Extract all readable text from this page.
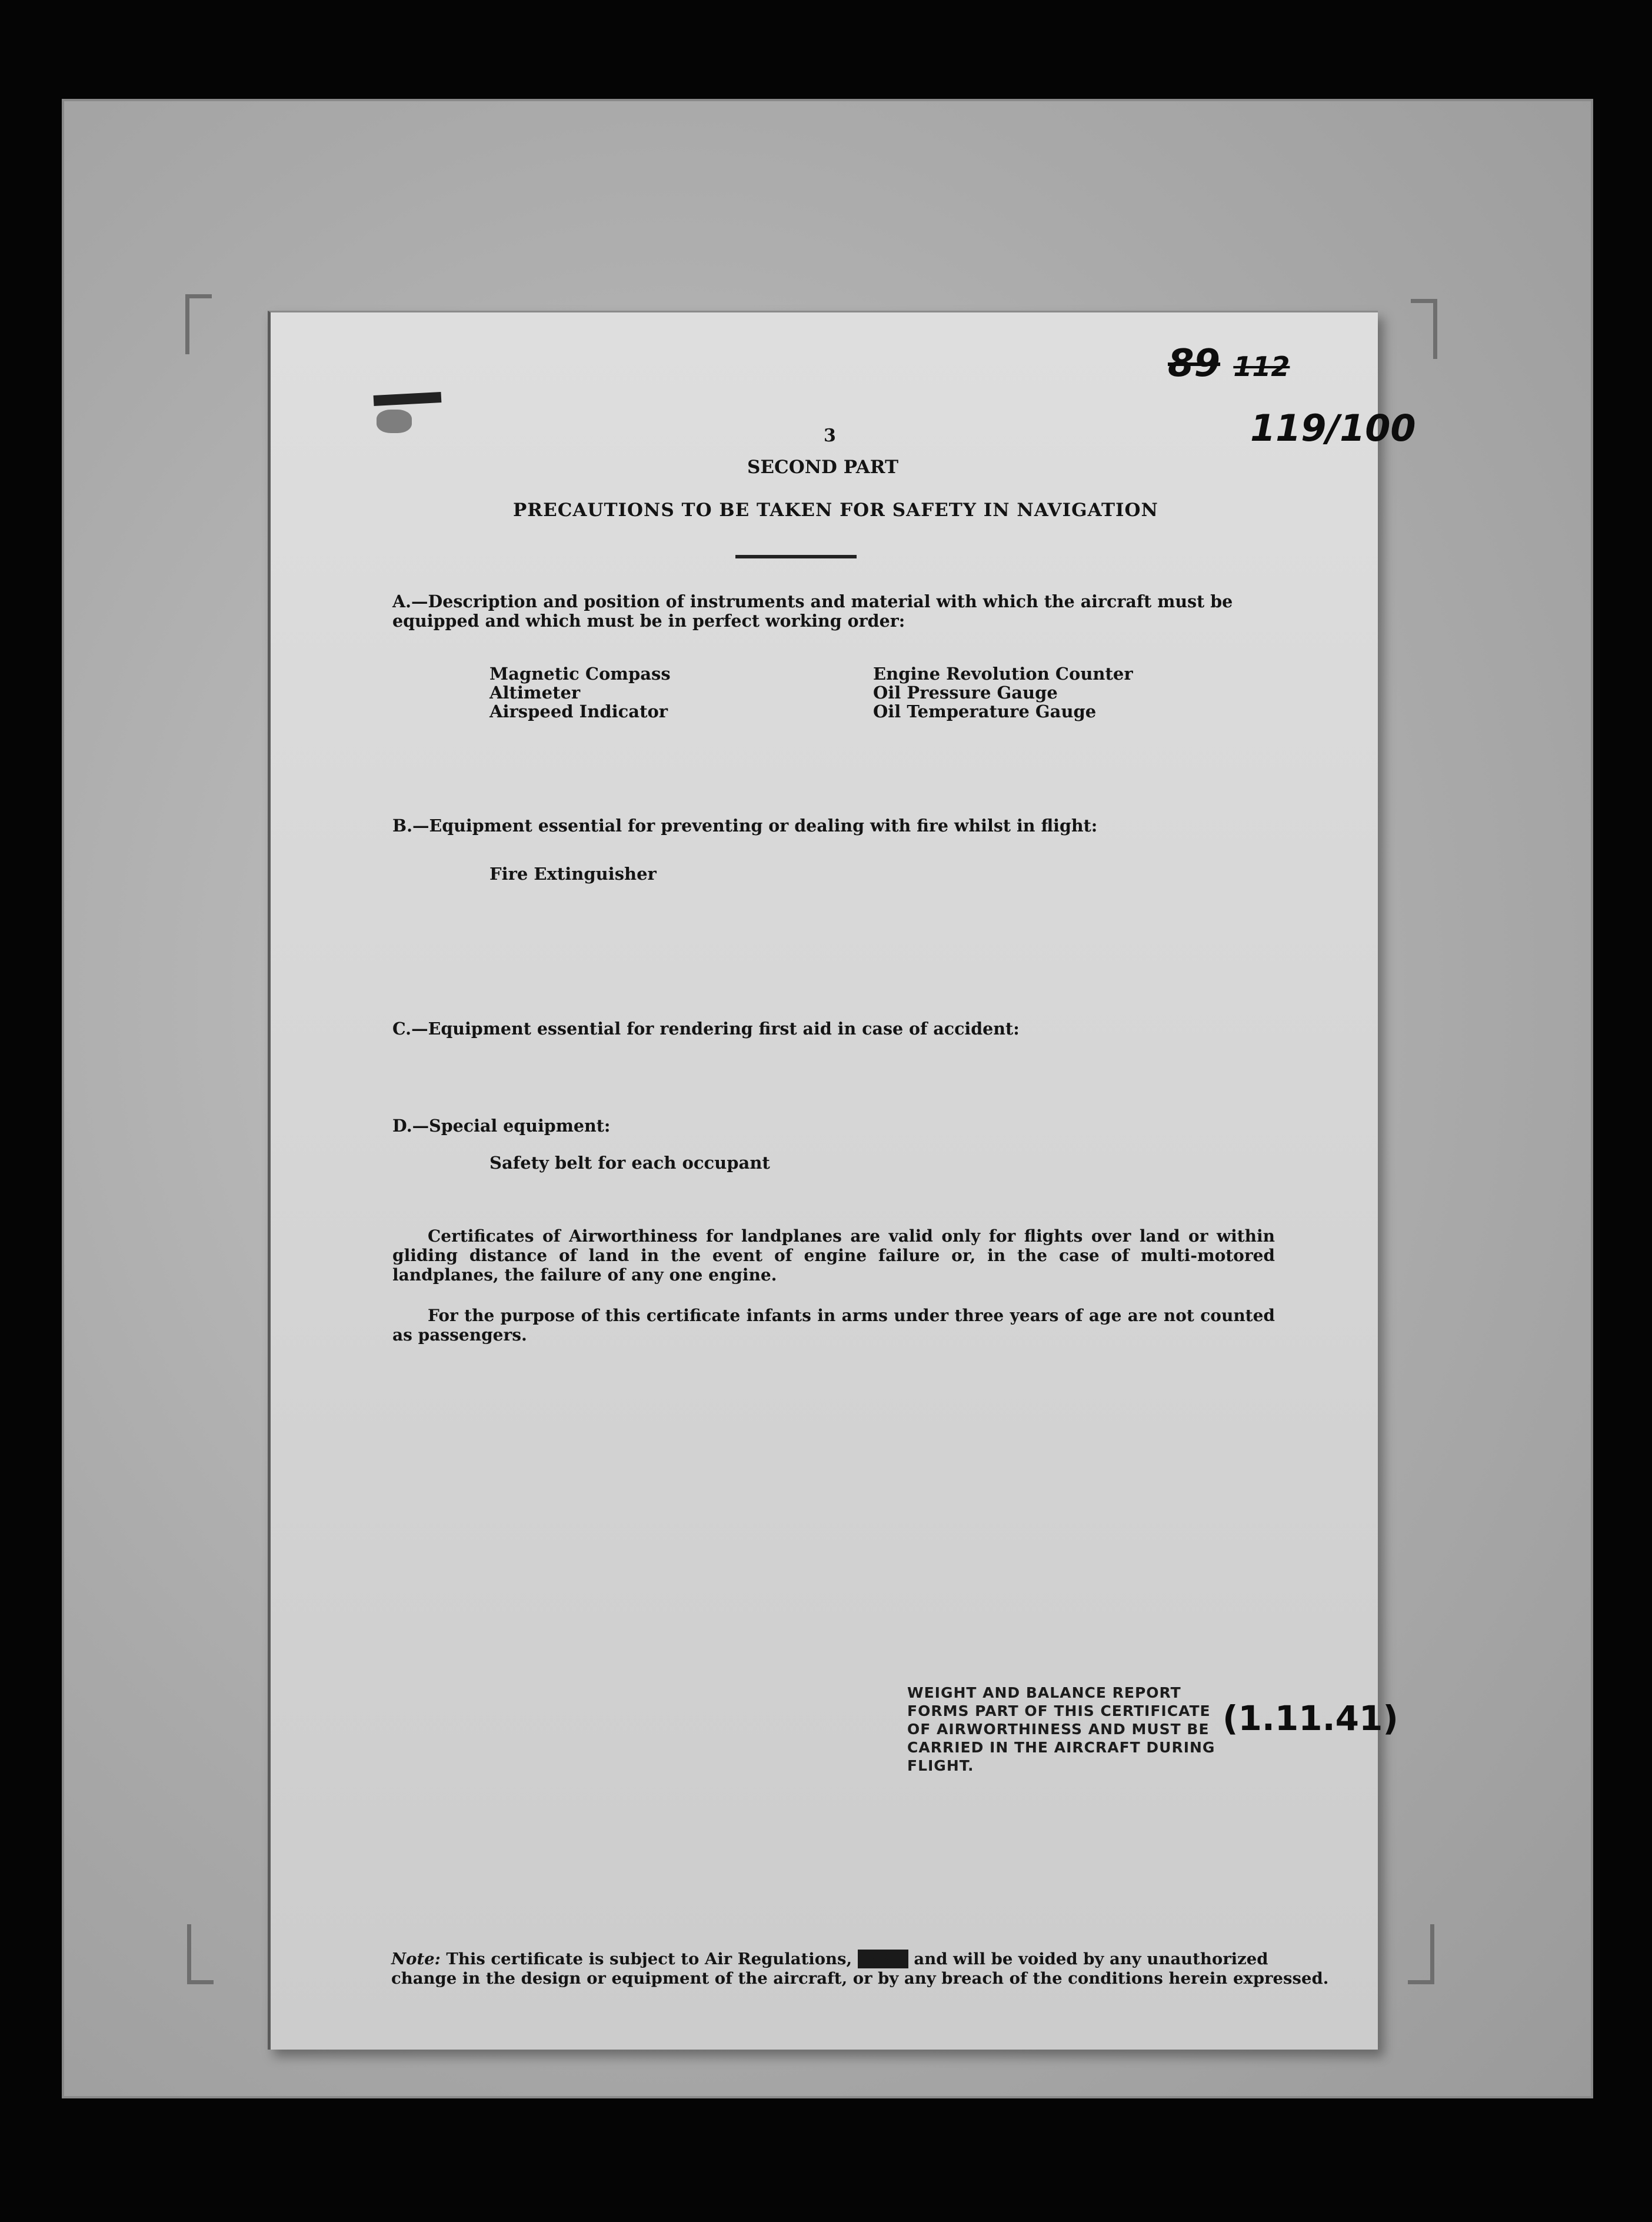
89 112
119/100

3

SECOND PART

PRECAUTIONS TO BE TAKEN FOR SAFETY IN NAVIGATION

A.—Description and position of instruments and material with which the aircraft must be equipped and which must be in perfect working order:

Magnetic Compass
Altimeter
Airspeed Indicator
Engine Revolution Counter
Oil Pressure Gauge
Oil Temperature Gauge

B.—Equipment essential for preventing or dealing with fire whilst in flight:

Fire Extinguisher

C.—Equipment essential for rendering first aid in case of accident:

D.—Special equipment:

Safety belt for each occupant

Certificates of Airworthiness for landplanes are valid only for flights over land or within gliding distance of land in the event of engine failure or, in the case of multi-motored landplanes, the failure of any one engine.

For the purpose of this certificate infants in arms under three years of age are not counted as passengers.

WEIGHT AND BALANCE REPORT
FORMS PART OF THIS CERTIFICATE
OF AIRWORTHINESS AND MUST BE
CARRIED IN THE AIRCRAFT DURING
FLIGHT.
(1.11.41)

Note: This certificate is subject to Air Regulations, 1920, and will be voided by any unauthorized

change in the design or equipment of the aircraft, or by any breach of the conditions herein expressed.
